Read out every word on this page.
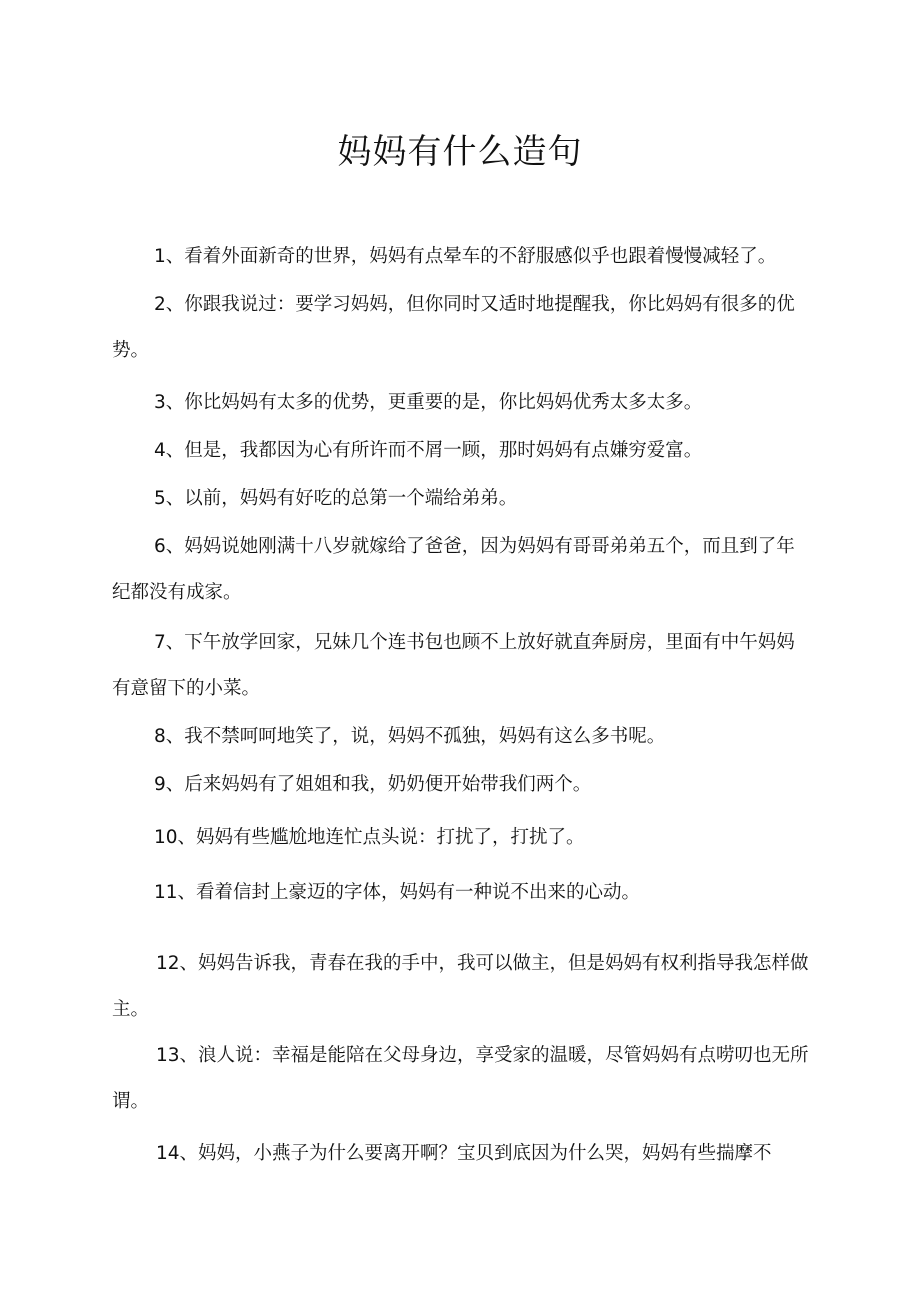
妈妈有什么造句

1、看着外面新奇的世界，妈妈有点晕车的不舒服感似乎也跟着慢慢减轻了。

2、你跟我说过：要学习妈妈，但你同时又适时地提醒我，你比妈妈有很多的优势。

3、你比妈妈有太多的优势，更重要的是，你比妈妈优秀太多太多。

4、但是，我都因为心有所许而不屑一顾，那时妈妈有点嫌穷爱富。

5、以前，妈妈有好吃的总第一个端给弟弟。

6、妈妈说她刚满十八岁就嫁给了爸爸，因为妈妈有哥哥弟弟五个，而且到了年纪都没有成家。

7、下午放学回家，兄妹几个连书包也顾不上放好就直奔厨房，里面有中午妈妈有意留下的小菜。

8、我不禁呵呵地笑了，说，妈妈不孤独，妈妈有这么多书呢。

9、后来妈妈有了姐姐和我，奶奶便开始带我们两个。

10、妈妈有些尴尬地连忙点头说：打扰了，打扰了。

11、看着信封上豪迈的字体，妈妈有一种说不出来的心动。

12、妈妈告诉我，青春在我的手中，我可以做主，但是妈妈有权利指导我怎样做主。

13、浪人说：幸福是能陪在父母身边，享受家的温暖，尽管妈妈有点唠叨也无所谓。

14、妈妈，小燕子为什么要离开啊？宝贝到底因为什么哭，妈妈有些揣摩不
